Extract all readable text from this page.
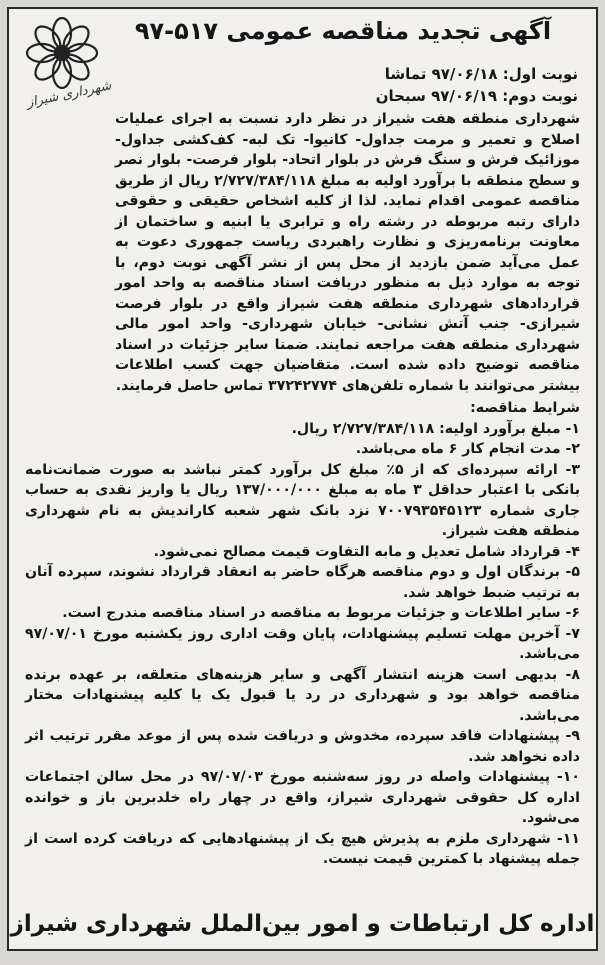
شهرداری شیراز
آگهی تجدید مناقصه عمومی ۵۱۷-۹۷
نوبت اول: ۹۷/۰۶/۱۸ تماشا
نوبت دوم: ۹۷/۰۶/۱۹ سبحان

شهرداری منطقه هفت شیراز در نظر دارد نسبت به اجرای عملیات اصلاح و تعمیر و مرمت جداول- کانیوا- تک لبه- کف‌کشی جداول- موزائیک فرش و سنگ فرش در بلوار اتحاد- بلوار فرصت- بلوار نصر و سطح منطقه با برآورد اولیه به مبلغ ۲/۷۲۷/۳۸۴/۱۱۸ ریال از طریق مناقصه عمومی اقدام نماید. لذا از کلیه اشخاص حقیقی و حقوقی دارای رتبه مربوطه در رشته راه و ترابری یا ابنیه و ساختمان از معاونت برنامه‌ریزی و نظارت راهبردی ریاست جمهوری دعوت به عمل می‌آید ضمن بازدید از محل پس از نشر آگهی نوبت دوم، با توجه به موارد ذیل به منظور دریافت اسناد مناقصه به واحد امور قراردادهای شهرداری منطقه هفت شیراز واقع در بلوار فرصت شیرازی- جنب آتش نشانی- خیابان شهرداری- واحد امور مالی شهرداری منطقه هفت مراجعه نمایند. ضمنا سایر جزئیات در اسناد مناقصه توضیح داده شده است. متقاضیان جهت کسب اطلاعات بیشتر می‌توانند با شماره تلفن‌های ۳۷۲۴۲۷۷۴ تماس حاصل فرمایند.

شرایط مناقصه:

۱- مبلغ برآورد اولیه: ۲/۷۲۷/۳۸۴/۱۱۸ ریال.

۲- مدت انجام کار ۶ ماه می‌باشد.

۳- ارائه سپرده‌ای که از ۵٪ مبلغ کل برآورد کمتر نباشد به صورت ضمانت‌نامه بانکی با اعتبار حداقل ۳ ماه به مبلغ ۱۳۷/۰۰۰/۰۰۰ ریال یا واریز نقدی به حساب جاری شماره ۷۰۰۷۹۳۵۴۵۱۲۳ نزد بانک شهر شعبه کاراندیش به نام شهرداری منطقه هفت شیراز.

۴- قرارداد شامل تعدیل و مابه التفاوت قیمت مصالح نمی‌شود.

۵- برندگان اول و دوم مناقصه هرگاه حاضر به انعقاد قرارداد نشوند، سپرده آنان به ترتیب ضبط خواهد شد.

۶- سایر اطلاعات و جزئیات مربوط به مناقصه در اسناد مناقصه مندرج است.

۷- آخرین مهلت تسلیم پیشنهادات، پایان وقت اداری روز یکشنبه مورخ ۹۷/۰۷/۰۱ می‌باشد.

۸- بدیهی است هزینه انتشار آگهی و سایر هزینه‌های متعلقه، بر عهده برنده مناقصه خواهد بود و شهرداری در رد یا قبول یک یا کلیه پیشنهادات مختار می‌باشد.

۹- پیشنهادات فاقد سپرده، مخدوش و دریافت شده پس از موعد مقرر ترتیب اثر داده نخواهد شد.

۱۰- پیشنهادات واصله در روز سه‌شنبه مورخ ۹۷/۰۷/۰۳ در محل سالن اجتماعات اداره کل حقوقی شهرداری شیراز، واقع در چهار راه خلدبرین باز و خوانده می‌شود.

۱۱- شهرداری ملزم به پذیرش هیچ یک از پیشنهادهایی که دریافت کرده است از جمله پیشنهاد با کمترین قیمت نیست.

اداره کل ارتباطات و امور بین‌الملل شهرداری شیراز
